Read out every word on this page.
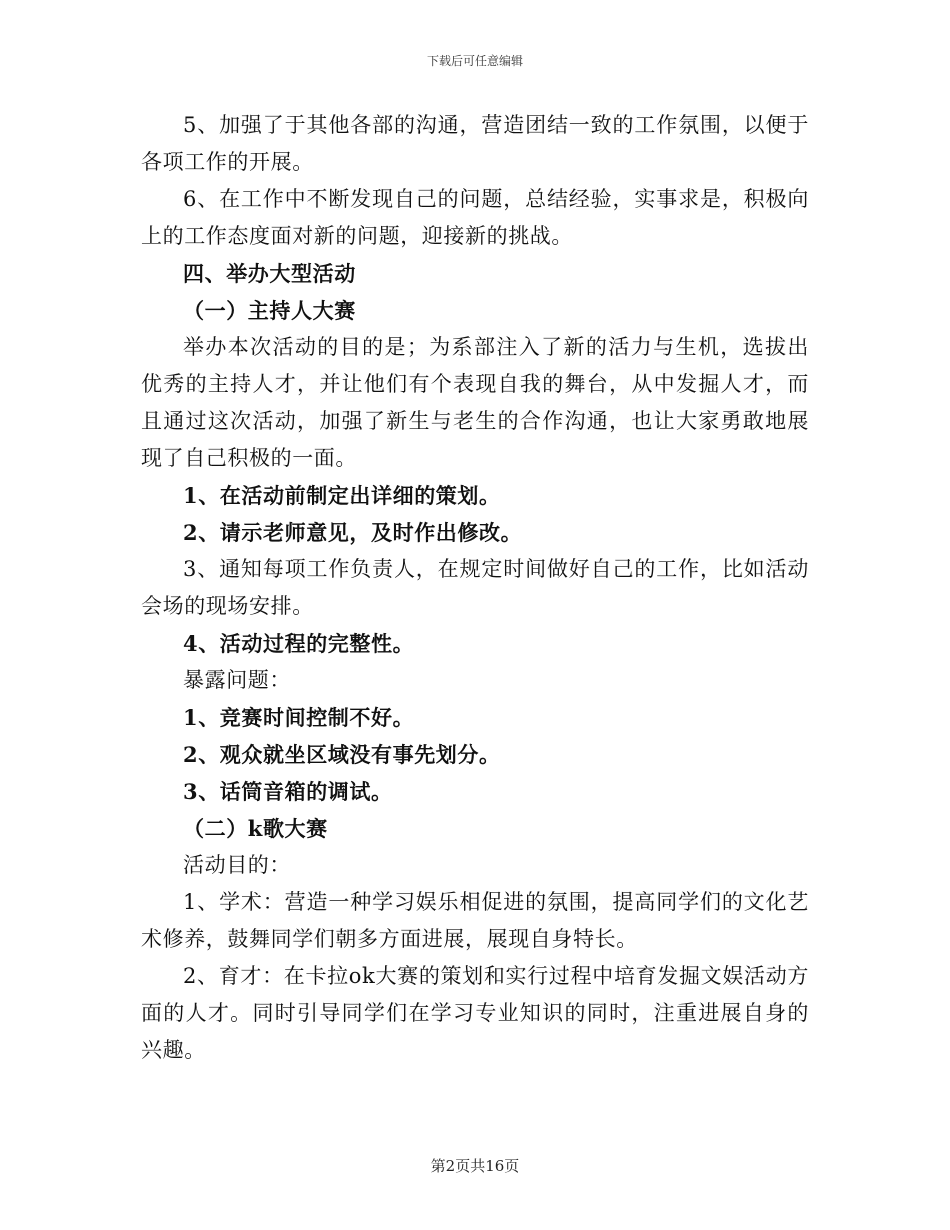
下载后可任意编辑

5、加强了于其他各部的沟通，营造团结一致的工作氛围，以便于各项工作的开展。

6、在工作中不断发现自己的问题，总结经验，实事求是，积极向上的工作态度面对新的问题，迎接新的挑战。

四、举办大型活动

（一）主持人大赛

举办本次活动的目的是；为系部注入了新的活力与生机，选拔出优秀的主持人才，并让他们有个表现自我的舞台，从中发掘人才，而且通过这次活动，加强了新生与老生的合作沟通，也让大家勇敢地展现了自己积极的一面。

1、在活动前制定出详细的策划。

2、请示老师意见，及时作出修改。

3、通知每项工作负责人，在规定时间做好自己的工作，比如活动会场的现场安排。

4、活动过程的完整性。

暴露问题：

1、竞赛时间控制不好。

2、观众就坐区域没有事先划分。

3、话筒音箱的调试。

（二）k歌大赛

活动目的：

1、学术：营造一种学习娱乐相促进的氛围，提高同学们的文化艺术修养，鼓舞同学们朝多方面进展，展现自身特长。

2、育才：在卡拉ok大赛的策划和实行过程中培育发掘文娱活动方面的人才。同时引导同学们在学习专业知识的同时，注重进展自身的兴趣。

第2页共16页
